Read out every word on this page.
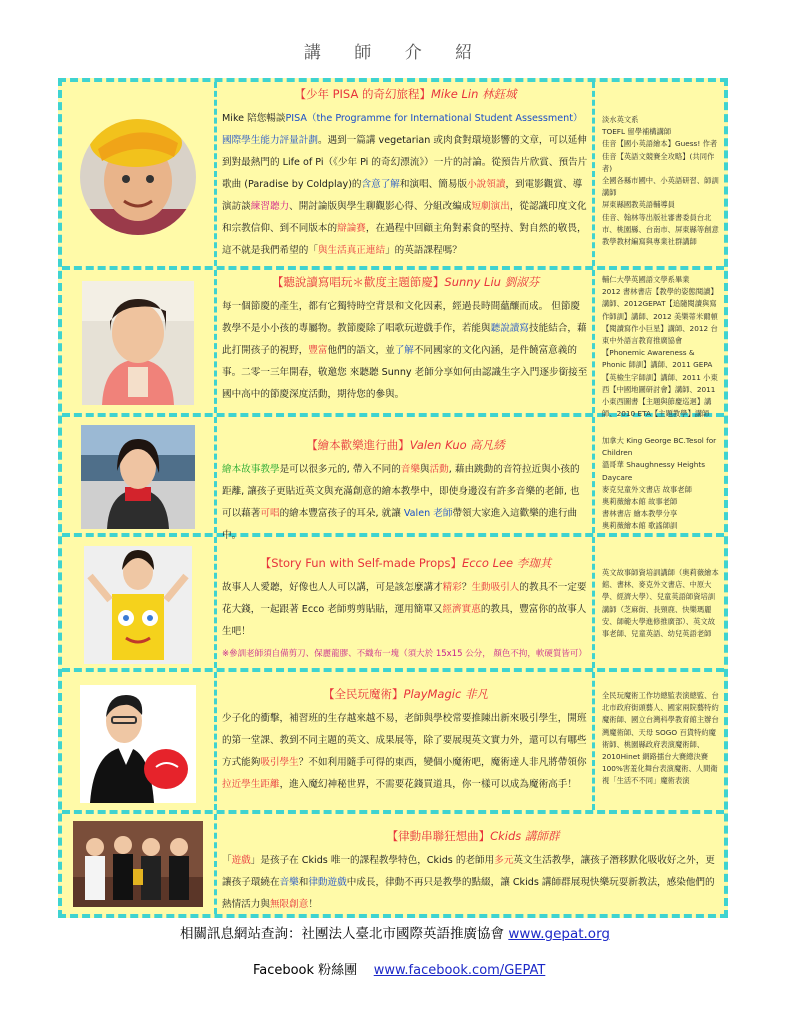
講 師 介 紹
【少年 PISA 的奇幻旅程】Mike Lin 林鈺城
Mike 陪您暢談PISA（the Programme for International Student Assessment）國際學生能力評量計劃。遇到一篇講 vegetarian 或肉食對環境影響的文章，可以延伸到對最熱門的 Life of Pi（《少年 Pi 的奇幻漂流》）一片的討論。從預告片欣賞、預告片歌曲 (Paradise by Coldplay)的含意了解和演唱、簡易版小說領讀，到電影觀賞、導演訪談練習聽力、開討論版與學生聊觀影心得、分組改編成短劇演出，從認識印度文化和宗教信仰、到不同版本的辯論賽，在過程中回顧主角對素食的堅持、對自然的敬畏，這不就是我們希望的「與生活真正連結」的英語課程嗎？
淡水英文系
TOEFL 留學補構講師
佳音【國小英語繪本】Guess! 作者
佳音【英語文競賽全攻略】(共同作者)
全國各縣市國中、小英語研習、師訓講師
屏東縣國教英語輔導員
佳音、翰林等出版社審書委員台北市、桃園縣、台南市、屏東縣等創意教學教材編寫與專業社群講師
【聽說讀寫唱玩＊歡度主題節慶】Sunny Liu 劉淑芬
每一個節慶的產生，都有它獨特時空背景和文化因素，經過長時間蘊釀而成。 但節慶教學不是小小孩的專屬物。教節慶除了唱歌玩遊戲手作，若能與聽說讀寫技能結合，藉此打開孩子的視野，豐富他們的語文，並了解不同國家的文化內涵，是件饒富意義的事。二零一三年開春，敬邀您 來聽聽 Sunny 老師分享如何由認識生字入門逐步銜接至國中高中的節慶深度活動，期待您的參與。
輔仁大學英國語文學系畢業
2012 書林書店【教學的姿態閱讀】講師、2012GEPAT【追隨閱讀與寫作師訓】講師、2012 美樂蒂米爾頓【閱讀寫作小巨星】講師、2012 台東中外語言教育推廣協會【Phonemic Awareness & Phonic 師訓】講師、2011 GEPA【英檢生字師訓】講師、2011 小東西【中國地圖研討會】講師、2011 小東西圖書【主題與節慶巡迴】講師、2010 ETA【主題教學】講師
【繪本歡樂進行曲】Valen Kuo 高凡綉
繪本故事教學是可以很多元的, 帶入不同的音樂與活動, 藉由跳動的音符拉近與小孩的距離, 讓孩子更貼近英文與充滿創意的繪本教學中，即使身邊沒有許多音樂的老師, 也可以藉著可唱的繪本豐富孩子的耳朵, 就讓 Valen 老師帶領大家進入這歡樂的進行曲中。
加拿大 King George BC.Tesol for Children
溫哥華 Shaughnessy Heights Daycare
麥克兒童外文書店 故事老師
奧莉薇繪本館 故事老師
書林書店 繪本教學分享
奧莉薇繪本館 歌謠師訓
【Story Fun with Self-made Props】Ecco Lee 李珈其
故事人人愛聽，好像也人人可以講，可是該怎麼講才精彩？生動吸引人的教具不一定要花大錢，一起跟著 Ecco 老師剪剪貼貼，運用簡單又經濟實惠的教具，豐富你的故事人生吧！
※參訓老師須自備剪刀、保麗龍膠、不織布一塊（須大於 15x15 公分， 顏色不拘，軟硬質皆可）
英文故事師資培訓講師（奧莉薇繪本館、書林、麥克外文書店、中原大學、經濟大學）、兒童英語師資培訓講師（芝麻街、長頸鹿、快樂瑪麗安、師範大學進修推廣部）、英文故事老師、兒童英語、幼兒英語老師
【全民玩魔術】PlayMagic 非凡
少子化的衝擊，補習班的生存越來越不易，老師與學校常要推陳出新來吸引學生，開班的第一堂課、教到不同主題的英文、成果展等，除了要展現英文實力外，還可以有哪些方式能夠吸引學生？不如利用隨手可得的東西，變個小魔術吧，魔術達人非凡將帶領你拉近學生距離，進入魔幻神秘世界，不需要花錢買道具，你一樣可以成為魔術高手！
全民玩魔術工作坊總監表演總監、台北市政府街頭藝人、國家兩院藝特約魔術師、國立台灣科學教育館主辦台灣魔術師、天母 SOGO 百貨特約魔術師、桃園縣政府表演魔術師、2010Hinet 網路擂台大賽總決賽 100%害羞化舞台表演魔術、人間衛視「生活不不同」魔術表演
【律動串聯狂想曲】Ckids 講師群
「遊戲」是孩子在 Ckids 唯一的課程教學特色，Ckids 的老師用多元英文生活教學，讓孩子潛移默化吸收好之外，更讓孩子環繞在音樂和律動遊戲中成長，律動不再只是教學的點綴，讓 Ckids 講師群展現快樂玩耍新教法，感染他們的熱情活力與無限創意！
相關訊息網站查詢：社團法人臺北市國際英語推廣協會 www.gepat.org

Facebook 粉絲團    www.facebook.com/GEPAT
